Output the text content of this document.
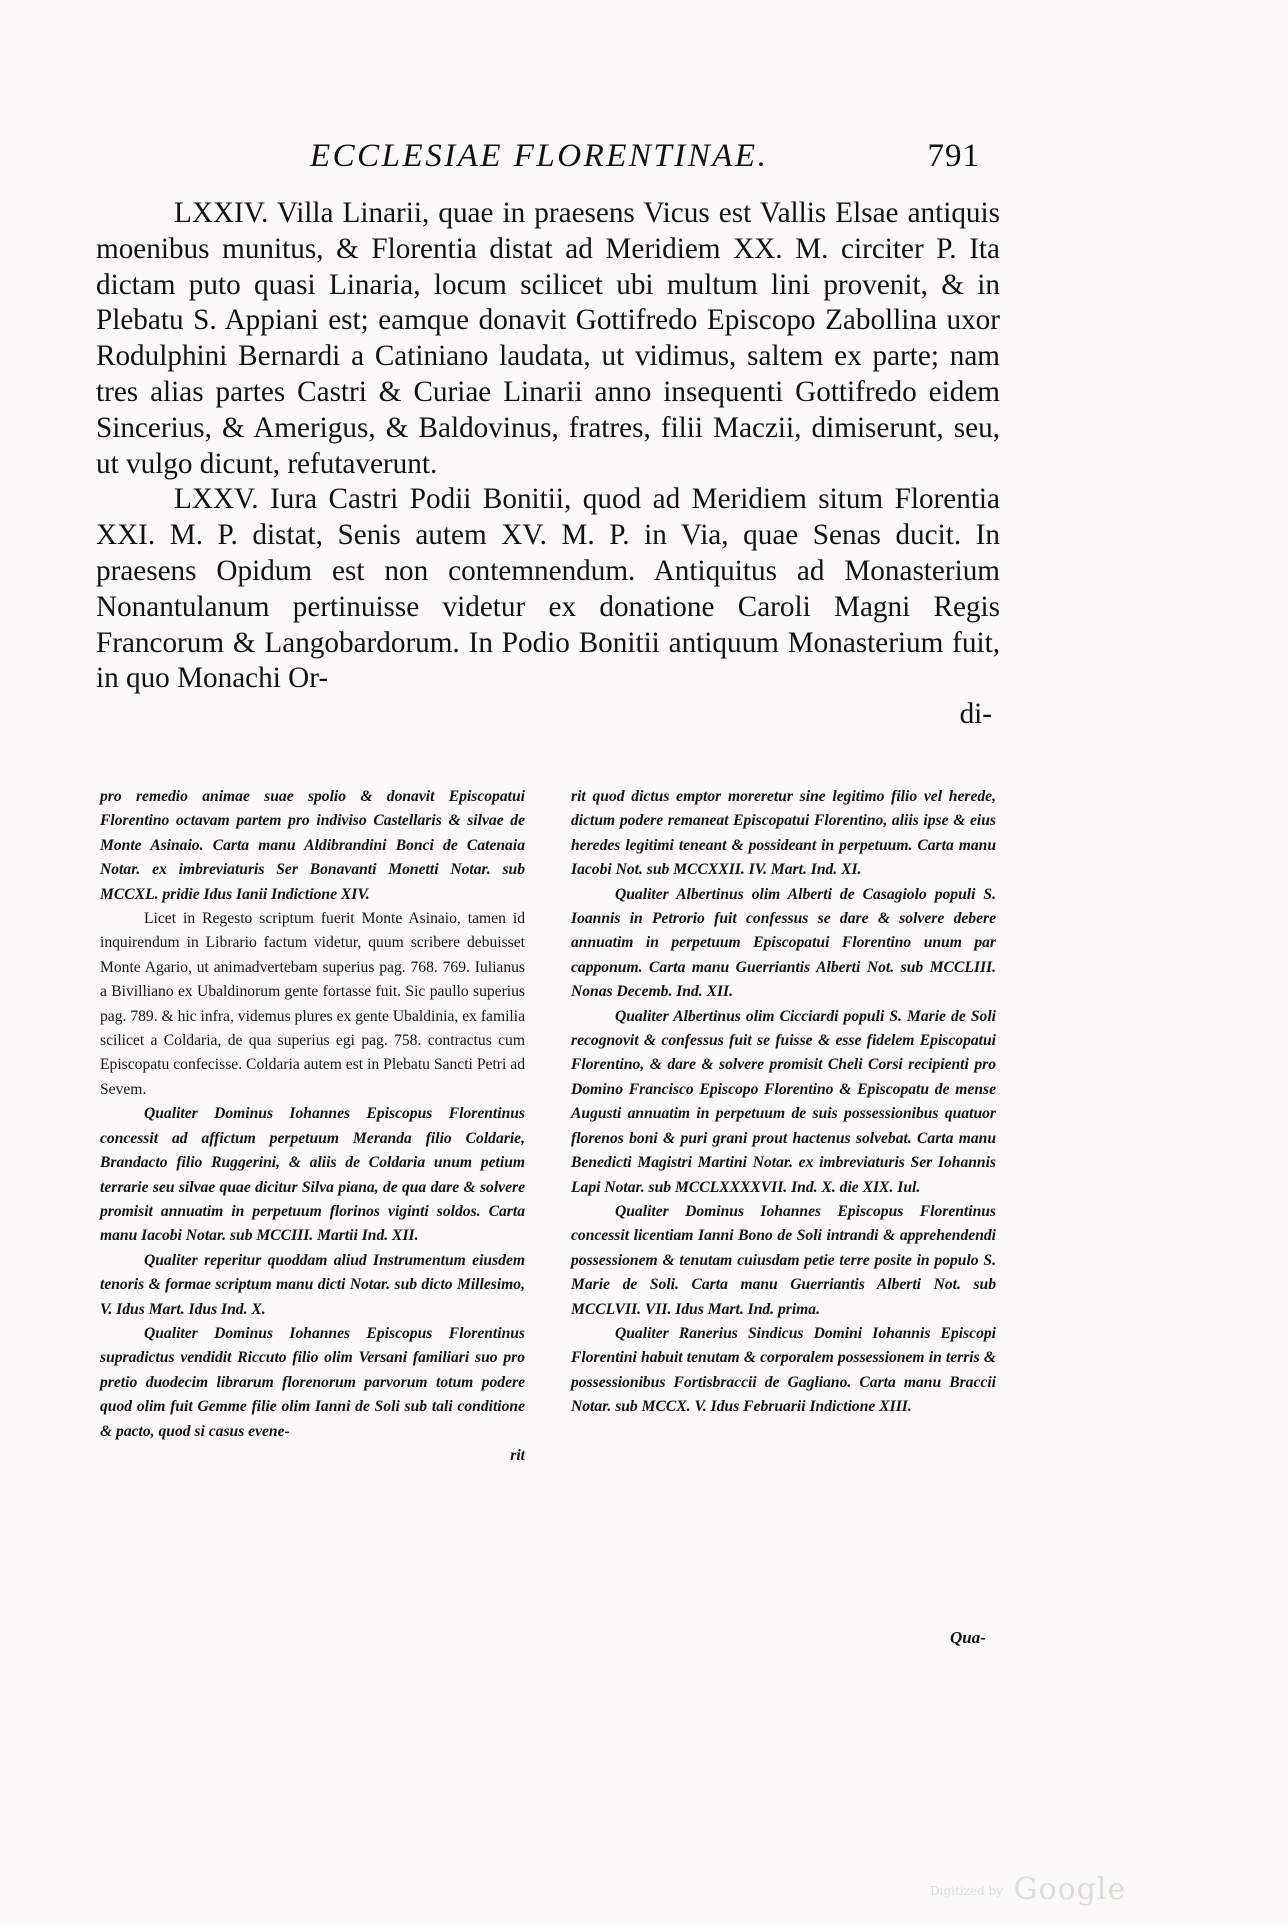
ECCLESIAE FLORENTINAE.	791

LXXIV. Villa Linarii, quae in praesens Vicus est Vallis Elsae antiquis moenibus munitus, & Florentia distat ad Meridiem XX. M. circiter P. Ita dictam puto quasi Linaria, locum scilicet ubi multum lini provenit, & in Plebatu S. Appiani est; eamque donavit Gottifredo Episcopo Zabollina uxor Rodulphini Bernardi a Catiniano laudata, ut vidimus, saltem ex parte; nam tres alias partes Castri & Curiae Linarii anno insequenti Gottifredo eidem Sincerius, & Amerigus, & Baldovinus, fratres, filii Maczii, dimiserunt, seu, ut vulgo dicunt, refutaverunt.

LXXV. Iura Castri Podii Bonitii, quod ad Meridiem situm Florentia XXI. M. P. distat, Senis autem XV. M. P. in Via, quae Senas ducit. In praesens Opidum est non contemnendum. Antiquitus ad Monasterium Nonantulanum pertinuisse videtur ex donatione Caroli Magni Regis Francorum & Langobardorum. In Podio Bonitii antiquum Monasterium fuit, in quo Monachi Or-

di-

pro remedio animae suae spolio & donavit Episcopatui Florentino octavam partem pro indiviso Castellaris & silvae de Monte Asinaio. Carta manu Aldibrandini Bonci de Catenaia Notar. ex imbreviaturis Ser Bonavanti Monetti Notar. sub MCCXL. pridie Idus Ianii Indictione XIV.

Licet in Regesto scriptum fuerit Monte Asinaio, tamen id inquirendum in Librario factum videtur, quum scribere debuisset Monte Agario, ut animadvertebam superius pag. 768. 769. Iulianus a Bivilliano ex Ubaldinorum gente fortasse fuit. Sic paullo superius pag. 789. & hic infra, videmus plures ex gente Ubaldinia, ex familia scilicet a Coldaria, de qua superius egi pag. 758. contractus cum Episcopatu confecisse. Coldaria autem est in Plebatu Sancti Petri ad Sevem.

Qualiter Dominus Iohannes Episcopus Florentinus concessit ad affictum perpetuum Meranda filio Coldarie, Brandacto filio Ruggerini, & aliis de Coldaria unum petium terrarie seu silvae quae dicitur Silva piana, de qua dare & solvere promisit annuatim in perpetuum florinos viginti soldos. Carta manu Iacobi Notar. sub MCCIII. Martii Ind. XII.

Qualiter reperitur quoddam aliud Instrumentum eiusdem tenoris & formae scriptum manu dicti Notar. sub dicto Millesimo, V. Idus Mart. Idus Ind. X.

Qualiter Dominus Iohannes Episcopus Florentinus supradictus vendidit Riccuto filio olim Versani familiari suo pro pretio duodecim librarum florenorum parvorum totum podere quod olim fuit Gemme filie olim Ianni de Soli sub tali conditione & pacto, quod si casus evene-

rit

rit quod dictus emptor moreretur sine legitimo filio vel herede, dictum podere remaneat Episcopatui Florentino, aliis ipse & eius heredes legitimi teneant & possideant in perpetuum. Carta manu Iacobi Not. sub MCCXXII. IV. Mart. Ind. XI.

Qualiter Albertinus olim Alberti de Casagiolo populi S. Ioannis in Petrorio fuit confessus se dare & solvere debere annuatim in perpetuum Episcopatui Florentino unum par capponum. Carta manu Guerriantis Alberti Not. sub MCCLIII. Nonas Decemb. Ind. XII.

Qualiter Albertinus olim Cicciardi populi S. Marie de Soli recognovit & confessus fuit se fuisse & esse fidelem Episcopatui Florentino, & dare & solvere promisit Cheli Corsi recipienti pro Domino Francisco Episcopo Florentino & Episcopatu de mense Augusti annuatim in perpetuum de suis possessionibus quatuor florenos boni & puri grani prout hactenus solvebat. Carta manu Benedicti Magistri Martini Notar. ex imbreviaturis Ser Iohannis Lapi Notar. sub MCCLXXXXVII. Ind. X. die XIX. Iul.

Qualiter Dominus Iohannes Episcopus Florentinus concessit licentiam Ianni Bono de Soli intrandi & apprehendendi possessionem & tenutam cuiusdam petie terre posite in populo S. Marie de Soli. Carta manu Guerriantis Alberti Not. sub MCCLVII. VII. Idus Mart. Ind. prima.

Qualiter Ranerius Sindicus Domini Iohannis Episcopi Florentini habuit tenutam & corporalem possessionem in terris & possessionibus Fortisbraccii de Gagliano. Carta manu Braccii Notar. sub MCCX. V. Idus Februarii Indictione XIII.

Qua-
Digitized by Google
